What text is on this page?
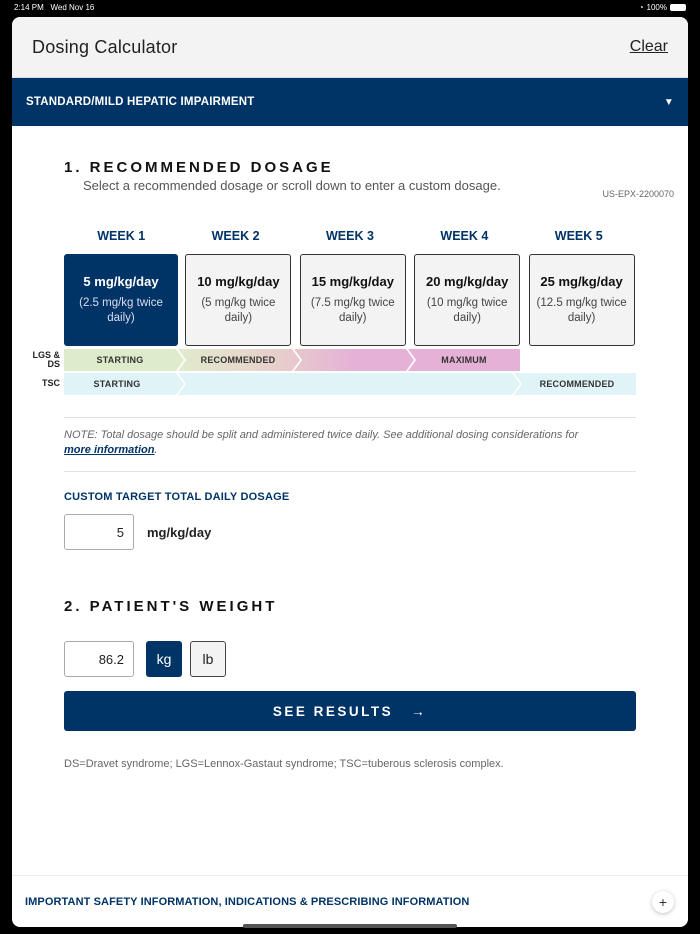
2:14 PM Wed Nov 16	◔ 100%
Dosing Calculator	Clear
STANDARD/MILD HEPATIC IMPAIRMENT	▼
1. RECOMMENDED DOSAGE
Select a recommended dosage or scroll down to enter a custom dosage.
US-EPX-2200070
WEEK 1
5 mg/kg/day
(2.5 mg/kg twice daily)
WEEK 2
10 mg/kg/day
(5 mg/kg twice daily)
WEEK 3
15 mg/kg/day
(7.5 mg/kg twice daily)
WEEK 4
20 mg/kg/day
(10 mg/kg twice daily)
WEEK 5
25 mg/kg/day
(12.5 mg/kg twice daily)
LGS & DS	STARTING	RECOMMENDED	MAXIMUM
TSC	STARTING	RECOMMENDED
NOTE: Total dosage should be split and administered twice daily. See additional dosing considerations for more information.
CUSTOM TARGET TOTAL DAILY DOSAGE
5	mg/kg/day
2. PATIENT'S WEIGHT
86.2	kg	lb
SEE RESULTS →
DS=Dravet syndrome; LGS=Lennox-Gastaut syndrome; TSC=tuberous sclerosis complex.
IMPORTANT SAFETY INFORMATION, INDICATIONS & PRESCRIBING INFORMATION	+
